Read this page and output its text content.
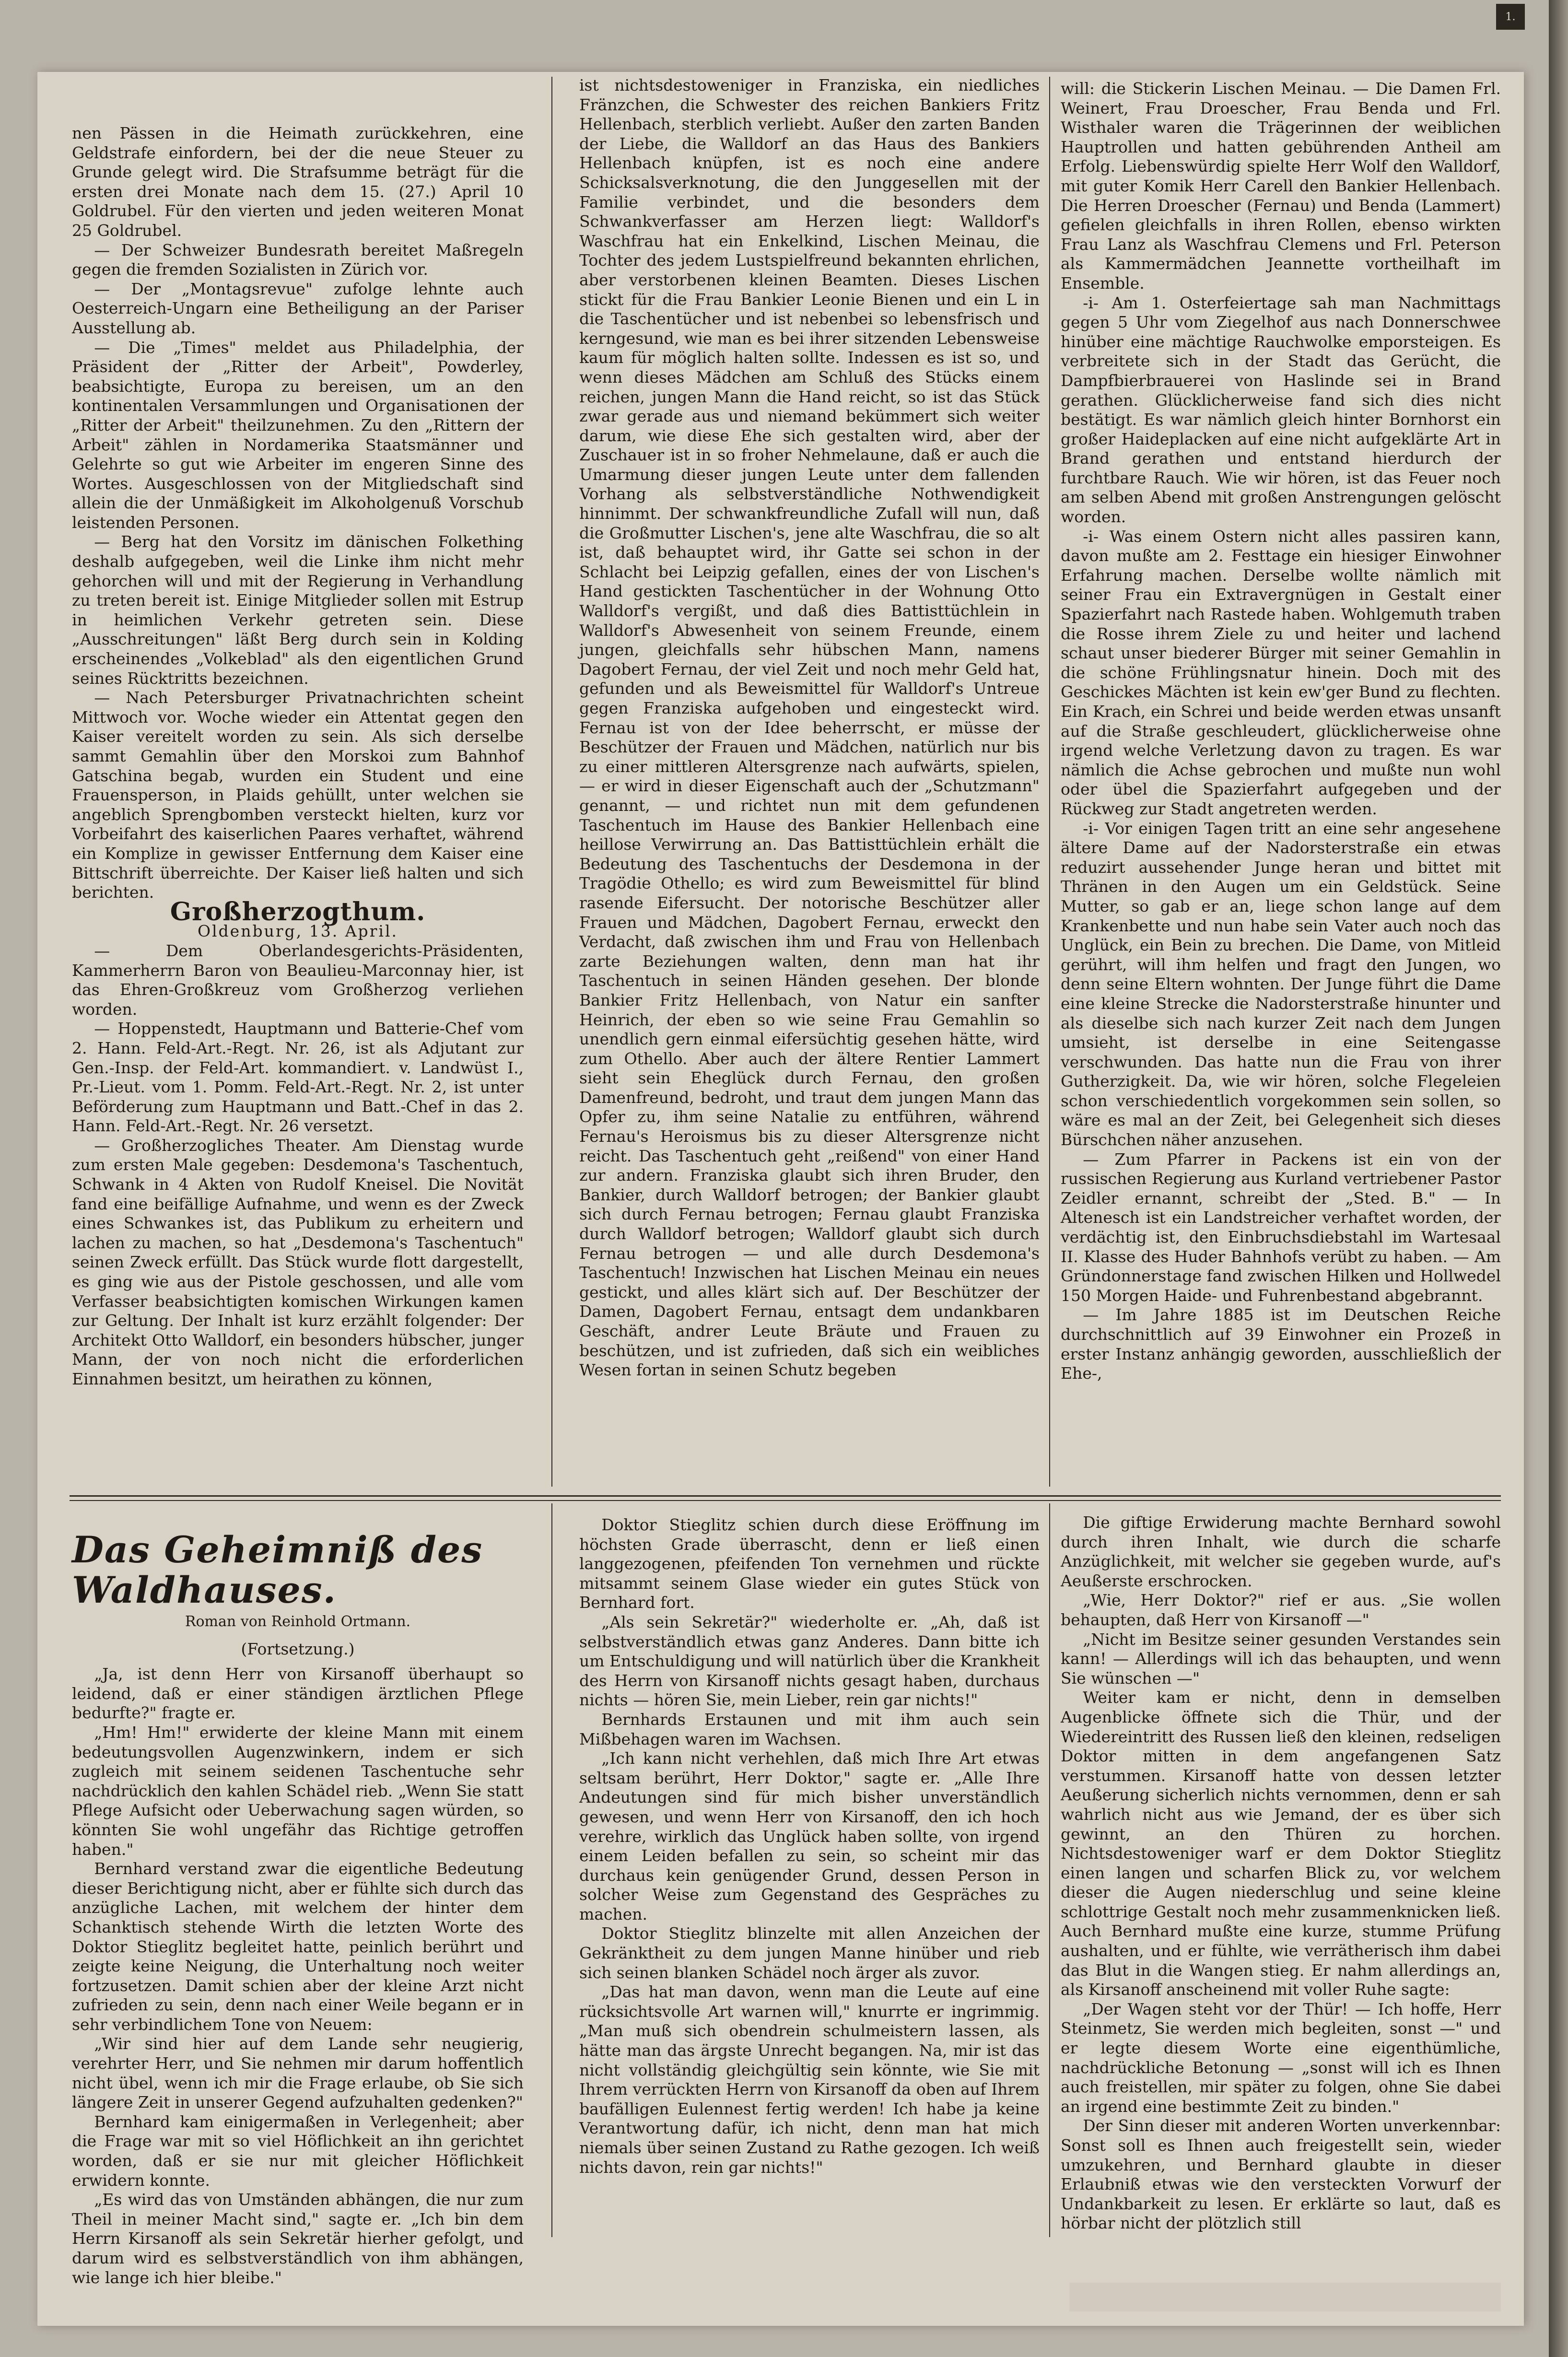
1.

nen Pässen in die Heimath zurückkehren, eine Geldstrafe einfordern, bei der die neue Steuer zu Grunde gelegt wird. Die Strafsumme beträgt für die ersten drei Monate nach dem 15. (27.) April 10 Goldrubel. Für den vierten und jeden weiteren Monat 25 Goldrubel.

— Der Schweizer Bundesrath bereitet Maßregeln gegen die fremden Sozialisten in Zürich vor.

— Der „Montagsrevue" zufolge lehnte auch Oesterreich-Ungarn eine Betheiligung an der Pariser Ausstellung ab.

— Die „Times" meldet aus Philadelphia, der Präsident der „Ritter der Arbeit", Powderley, beabsichtigte, Europa zu bereisen, um an den kontinentalen Versammlungen und Organisationen der „Ritter der Arbeit" theilzunehmen. Zu den „Rittern der Arbeit" zählen in Nordamerika Staatsmänner und Gelehrte so gut wie Arbeiter im engeren Sinne des Wortes. Ausgeschlossen von der Mitgliedschaft sind allein die der Unmäßigkeit im Alkoholgenuß Vorschub leistenden Personen.

— Berg hat den Vorsitz im dänischen Folkething deshalb aufgegeben, weil die Linke ihm nicht mehr gehorchen will und mit der Regierung in Verhandlung zu treten bereit ist. Einige Mitglieder sollen mit Estrup in heimlichen Verkehr getreten sein. Diese „Ausschreitungen" läßt Berg durch sein in Kolding erscheinendes „Volkeblad" als den eigentlichen Grund seines Rücktritts bezeichnen.

— Nach Petersburger Privatnachrichten scheint Mittwoch vor. Woche wieder ein Attentat gegen den Kaiser vereitelt worden zu sein. Als sich derselbe sammt Gemahlin über den Morskoi zum Bahnhof Gatschina begab, wurden ein Student und eine Frauensperson, in Plaids gehüllt, unter welchen sie angeblich Sprengbomben versteckt hielten, kurz vor Vorbeifahrt des kaiserlichen Paares verhaftet, während ein Komplize in gewisser Entfernung dem Kaiser eine Bittschrift überreichte. Der Kaiser ließ halten und sich berichten.

Großherzogthum.

Oldenburg, 13. April.

— Dem Oberlandesgerichts-Präsidenten, Kammerherrn Baron von Beaulieu-Marconnay hier, ist das Ehren-Großkreuz vom Großherzog verliehen worden.

— Hoppenstedt, Hauptmann und Batterie-Chef vom 2. Hann. Feld-Art.-Regt. Nr. 26, ist als Adjutant zur Gen.-Insp. der Feld-Art. kommandiert. v. Landwüst I., Pr.-Lieut. vom 1. Pomm. Feld-Art.-Regt. Nr. 2, ist unter Beförderung zum Hauptmann und Batt.-Chef in das 2. Hann. Feld-Art.-Regt. Nr. 26 versetzt.

— Großherzogliches Theater. Am Dienstag wurde zum ersten Male gegeben: Desdemona's Taschentuch, Schwank in 4 Akten von Rudolf Kneisel. Die Novität fand eine beifällige Aufnahme, und wenn es der Zweck eines Schwankes ist, das Publikum zu erheitern und lachen zu machen, so hat „Desdemona's Taschentuch" seinen Zweck erfüllt. Das Stück wurde flott dargestellt, es ging wie aus der Pistole geschossen, und alle vom Verfasser beabsichtigten komischen Wirkungen kamen zur Geltung. Der Inhalt ist kurz erzählt folgender: Der Architekt Otto Walldorf, ein besonders hübscher, junger Mann, der von noch nicht die erforderlichen Einnahmen besitzt, um heirathen zu können,

ist nichtsdestoweniger in Franziska, ein niedliches Fränzchen, die Schwester des reichen Bankiers Fritz Hellenbach, sterblich verliebt. Außer den zarten Banden der Liebe, die Walldorf an das Haus des Bankiers Hellenbach knüpfen, ist es noch eine andere Schicksalsverknotung, die den Junggesellen mit der Familie verbindet, und die besonders dem Schwankverfasser am Herzen liegt: Walldorf's Waschfrau hat ein Enkelkind, Lischen Meinau, die Tochter des jedem Lustspielfreund bekannten ehrlichen, aber verstorbenen kleinen Beamten. Dieses Lischen stickt für die Frau Bankier Leonie Bienen und ein L in die Taschentücher und ist nebenbei so lebensfrisch und kerngesund, wie man es bei ihrer sitzenden Lebensweise kaum für möglich halten sollte. Indessen es ist so, und wenn dieses Mädchen am Schluß des Stücks einem reichen, jungen Mann die Hand reicht, so ist das Stück zwar gerade aus und niemand bekümmert sich weiter darum, wie diese Ehe sich gestalten wird, aber der Zuschauer ist in so froher Nehmelaune, daß er auch die Umarmung dieser jungen Leute unter dem fallenden Vorhang als selbstverständliche Nothwendigkeit hinnimmt. Der schwankfreundliche Zufall will nun, daß die Großmutter Lischen's, jene alte Waschfrau, die so alt ist, daß behauptet wird, ihr Gatte sei schon in der Schlacht bei Leipzig gefallen, eines der von Lischen's Hand gestickten Taschentücher in der Wohnung Otto Walldorf's vergißt, und daß dies Battisttüchlein in Walldorf's Abwesenheit von seinem Freunde, einem jungen, gleichfalls sehr hübschen Mann, namens Dagobert Fernau, der viel Zeit und noch mehr Geld hat, gefunden und als Beweismittel für Walldorf's Untreue gegen Franziska aufgehoben und eingesteckt wird. Fernau ist von der Idee beherrscht, er müsse der Beschützer der Frauen und Mädchen, natürlich nur bis zu einer mittleren Altersgrenze nach aufwärts, spielen, — er wird in dieser Eigenschaft auch der „Schutzmann" genannt, — und richtet nun mit dem gefundenen Taschentuch im Hause des Bankier Hellenbach eine heillose Verwirrung an. Das Battisttüchlein erhält die Bedeutung des Taschentuchs der Desdemona in der Tragödie Othello; es wird zum Beweismittel für blind rasende Eifersucht. Der notorische Beschützer aller Frauen und Mädchen, Dagobert Fernau, erweckt den Verdacht, daß zwischen ihm und Frau von Hellenbach zarte Beziehungen walten, denn man hat ihr Taschentuch in seinen Händen gesehen. Der blonde Bankier Fritz Hellenbach, von Natur ein sanfter Heinrich, der eben so wie seine Frau Gemahlin so unendlich gern einmal eifersüchtig gesehen hätte, wird zum Othello. Aber auch der ältere Rentier Lammert sieht sein Eheglück durch Fernau, den großen Damenfreund, bedroht, und traut dem jungen Mann das Opfer zu, ihm seine Natalie zu entführen, während Fernau's Heroismus bis zu dieser Altersgrenze nicht reicht. Das Taschentuch geht „reißend" von einer Hand zur andern. Franziska glaubt sich ihren Bruder, den Bankier, durch Walldorf betrogen; der Bankier glaubt sich durch Fernau betrogen; Fernau glaubt Franziska durch Walldorf betrogen; Walldorf glaubt sich durch Fernau betrogen — und alle durch Desdemona's Taschentuch! Inzwischen hat Lischen Meinau ein neues gestickt, und alles klärt sich auf. Der Beschützer der Damen, Dagobert Fernau, entsagt dem undankbaren Geschäft, andrer Leute Bräute und Frauen zu beschützen, und ist zufrieden, daß sich ein weibliches Wesen fortan in seinen Schutz begeben

will: die Stickerin Lischen Meinau. — Die Damen Frl. Weinert, Frau Droescher, Frau Benda und Frl. Wisthaler waren die Trägerinnen der weiblichen Hauptrollen und hatten gebührenden Antheil am Erfolg. Liebenswürdig spielte Herr Wolf den Walldorf, mit guter Komik Herr Carell den Bankier Hellenbach. Die Herren Droescher (Fernau) und Benda (Lammert) gefielen gleichfalls in ihren Rollen, ebenso wirkten Frau Lanz als Waschfrau Clemens und Frl. Peterson als Kammermädchen Jeannette vortheilhaft im Ensemble.

-i- Am 1. Osterfeiertage sah man Nachmittags gegen 5 Uhr vom Ziegelhof aus nach Donnerschwee hinüber eine mächtige Rauchwolke emporsteigen. Es verbreitete sich in der Stadt das Gerücht, die Dampfbierbrauerei von Haslinde sei in Brand gerathen. Glücklicherweise fand sich dies nicht bestätigt. Es war nämlich gleich hinter Bornhorst ein großer Haideplacken auf eine nicht aufgeklärte Art in Brand gerathen und entstand hierdurch der furchtbare Rauch. Wie wir hören, ist das Feuer noch am selben Abend mit großen Anstrengungen gelöscht worden.

-i- Was einem Ostern nicht alles passiren kann, davon mußte am 2. Festtage ein hiesiger Einwohner Erfahrung machen. Derselbe wollte nämlich mit seiner Frau ein Extravergnügen in Gestalt einer Spazierfahrt nach Rastede haben. Wohlgemuth traben die Rosse ihrem Ziele zu und heiter und lachend schaut unser biederer Bürger mit seiner Gemahlin in die schöne Frühlingsnatur hinein. Doch mit des Geschickes Mächten ist kein ew'ger Bund zu flechten. Ein Krach, ein Schrei und beide werden etwas unsanft auf die Straße geschleudert, glücklicherweise ohne irgend welche Verletzung davon zu tragen. Es war nämlich die Achse gebrochen und mußte nun wohl oder übel die Spazierfahrt aufgegeben und der Rückweg zur Stadt angetreten werden.

-i- Vor einigen Tagen tritt an eine sehr angesehene ältere Dame auf der Nadorsterstraße ein etwas reduzirt aussehender Junge heran und bittet mit Thränen in den Augen um ein Geldstück. Seine Mutter, so gab er an, liege schon lange auf dem Krankenbette und nun habe sein Vater auch noch das Unglück, ein Bein zu brechen. Die Dame, von Mitleid gerührt, will ihm helfen und fragt den Jungen, wo denn seine Eltern wohnten. Der Junge führt die Dame eine kleine Strecke die Nadorsterstraße hinunter und als dieselbe sich nach kurzer Zeit nach dem Jungen umsieht, ist derselbe in eine Seitengasse verschwunden. Das hatte nun die Frau von ihrer Gutherzigkeit. Da, wie wir hören, solche Flegeleien schon verschiedentlich vorgekommen sein sollen, so wäre es mal an der Zeit, bei Gelegenheit sich dieses Bürschchen näher anzusehen.

— Zum Pfarrer in Packens ist ein von der russischen Regierung aus Kurland vertriebener Pastor Zeidler ernannt, schreibt der „Sted. B." — In Altenesch ist ein Landstreicher verhaftet worden, der verdächtig ist, den Einbruchsdiebstahl im Wartesaal II. Klasse des Huder Bahnhofs verübt zu haben. — Am Gründonnerstage fand zwischen Hilken und Hollwedel 150 Morgen Haide- und Fuhrenbestand abgebrannt.

— Im Jahre 1885 ist im Deutschen Reiche durchschnittlich auf 39 Einwohner ein Prozeß in erster Instanz anhängig geworden, ausschließlich der Ehe-,

Das Geheimniß des Waldhauses.
Roman von Reinhold Ortmann.
(Fortsetzung.)

„Ja, ist denn Herr von Kirsanoff überhaupt so leidend, daß er einer ständigen ärztlichen Pflege bedurfte?" fragte er.

„Hm! Hm!" erwiderte der kleine Mann mit einem bedeutungsvollen Augenzwinkern, indem er sich zugleich mit seinem seidenen Taschentuche sehr nachdrücklich den kahlen Schädel rieb. „Wenn Sie statt Pflege Aufsicht oder Ueberwachung sagen würden, so könnten Sie wohl ungefähr das Richtige getroffen haben."

Bernhard verstand zwar die eigentliche Bedeutung dieser Berichtigung nicht, aber er fühlte sich durch das anzügliche Lachen, mit welchem der hinter dem Schanktisch stehende Wirth die letzten Worte des Doktor Stieglitz begleitet hatte, peinlich berührt und zeigte keine Neigung, die Unterhaltung noch weiter fortzusetzen. Damit schien aber der kleine Arzt nicht zufrieden zu sein, denn nach einer Weile begann er in sehr verbindlichem Tone von Neuem:

„Wir sind hier auf dem Lande sehr neugierig, verehrter Herr, und Sie nehmen mir darum hoffentlich nicht übel, wenn ich mir die Frage erlaube, ob Sie sich längere Zeit in unserer Gegend aufzuhalten gedenken?"

Bernhard kam einigermaßen in Verlegenheit; aber die Frage war mit so viel Höflichkeit an ihn gerichtet worden, daß er sie nur mit gleicher Höflichkeit erwidern konnte.

„Es wird das von Umständen abhängen, die nur zum Theil in meiner Macht sind," sagte er. „Ich bin dem Herrn Kirsanoff als sein Sekretär hierher gefolgt, und darum wird es selbstverständlich von ihm abhängen, wie lange ich hier bleibe."

Doktor Stieglitz schien durch diese Eröffnung im höchsten Grade überrascht, denn er ließ einen langgezogenen, pfeifenden Ton vernehmen und rückte mitsammt seinem Glase wieder ein gutes Stück von Bernhard fort.

„Als sein Sekretär?" wiederholte er. „Ah, daß ist selbstverständlich etwas ganz Anderes. Dann bitte ich um Entschuldigung und will natürlich über die Krankheit des Herrn von Kirsanoff nichts gesagt haben, durchaus nichts — hören Sie, mein Lieber, rein gar nichts!"

Bernhards Erstaunen und mit ihm auch sein Mißbehagen waren im Wachsen.

„Ich kann nicht verhehlen, daß mich Ihre Art etwas seltsam berührt, Herr Doktor," sagte er. „Alle Ihre Andeutungen sind für mich bisher unverständlich gewesen, und wenn Herr von Kirsanoff, den ich hoch verehre, wirklich das Unglück haben sollte, von irgend einem Leiden befallen zu sein, so scheint mir das durchaus kein genügender Grund, dessen Person in solcher Weise zum Gegenstand des Gespräches zu machen.

Doktor Stieglitz blinzelte mit allen Anzeichen der Gekränktheit zu dem jungen Manne hinüber und rieb sich seinen blanken Schädel noch ärger als zuvor.

„Das hat man davon, wenn man die Leute auf eine rücksichtsvolle Art warnen will," knurrte er ingrimmig. „Man muß sich obendrein schulmeistern lassen, als hätte man das ärgste Unrecht begangen. Na, mir ist das nicht vollständig gleichgültig sein könnte, wie Sie mit Ihrem verrückten Herrn von Kirsanoff da oben auf Ihrem baufälligen Eulennest fertig werden! Ich habe ja keine Verantwortung dafür, ich nicht, denn man hat mich niemals über seinen Zustand zu Rathe gezogen. Ich weiß nichts davon, rein gar nichts!"

Die giftige Erwiderung machte Bernhard sowohl durch ihren Inhalt, wie durch die scharfe Anzüglichkeit, mit welcher sie gegeben wurde, auf's Aeußerste erschrocken.

„Wie, Herr Doktor?" rief er aus. „Sie wollen behaupten, daß Herr von Kirsanoff —"

„Nicht im Besitze seiner gesunden Verstandes sein kann! — Allerdings will ich das behaupten, und wenn Sie wünschen —"

Weiter kam er nicht, denn in demselben Augenblicke öffnete sich die Thür, und der Wiedereintritt des Russen ließ den kleinen, redseligen Doktor mitten in dem angefangenen Satz verstummen. Kirsanoff hatte von dessen letzter Aeußerung sicherlich nichts vernommen, denn er sah wahrlich nicht aus wie Jemand, der es über sich gewinnt, an den Thüren zu horchen. Nichtsdestoweniger warf er dem Doktor Stieglitz einen langen und scharfen Blick zu, vor welchem dieser die Augen niederschlug und seine kleine schlottrige Gestalt noch mehr zusammenknicken ließ. Auch Bernhard mußte eine kurze, stumme Prüfung aushalten, und er fühlte, wie verrätherisch ihm dabei das Blut in die Wangen stieg. Er nahm allerdings an, als Kirsanoff anscheinend mit voller Ruhe sagte:

„Der Wagen steht vor der Thür! — Ich hoffe, Herr Steinmetz, Sie werden mich begleiten, sonst —" und er legte diesem Worte eine eigenthümliche, nachdrückliche Betonung — „sonst will ich es Ihnen auch freistellen, mir später zu folgen, ohne Sie dabei an irgend eine bestimmte Zeit zu binden."

Der Sinn dieser mit anderen Worten unverkennbar: Sonst soll es Ihnen auch freigestellt sein, wieder umzukehren, und Bernhard glaubte in dieser Erlaubniß etwas wie den versteckten Vorwurf der Undankbarkeit zu lesen. Er erklärte so laut, daß es hörbar nicht der plötzlich still
